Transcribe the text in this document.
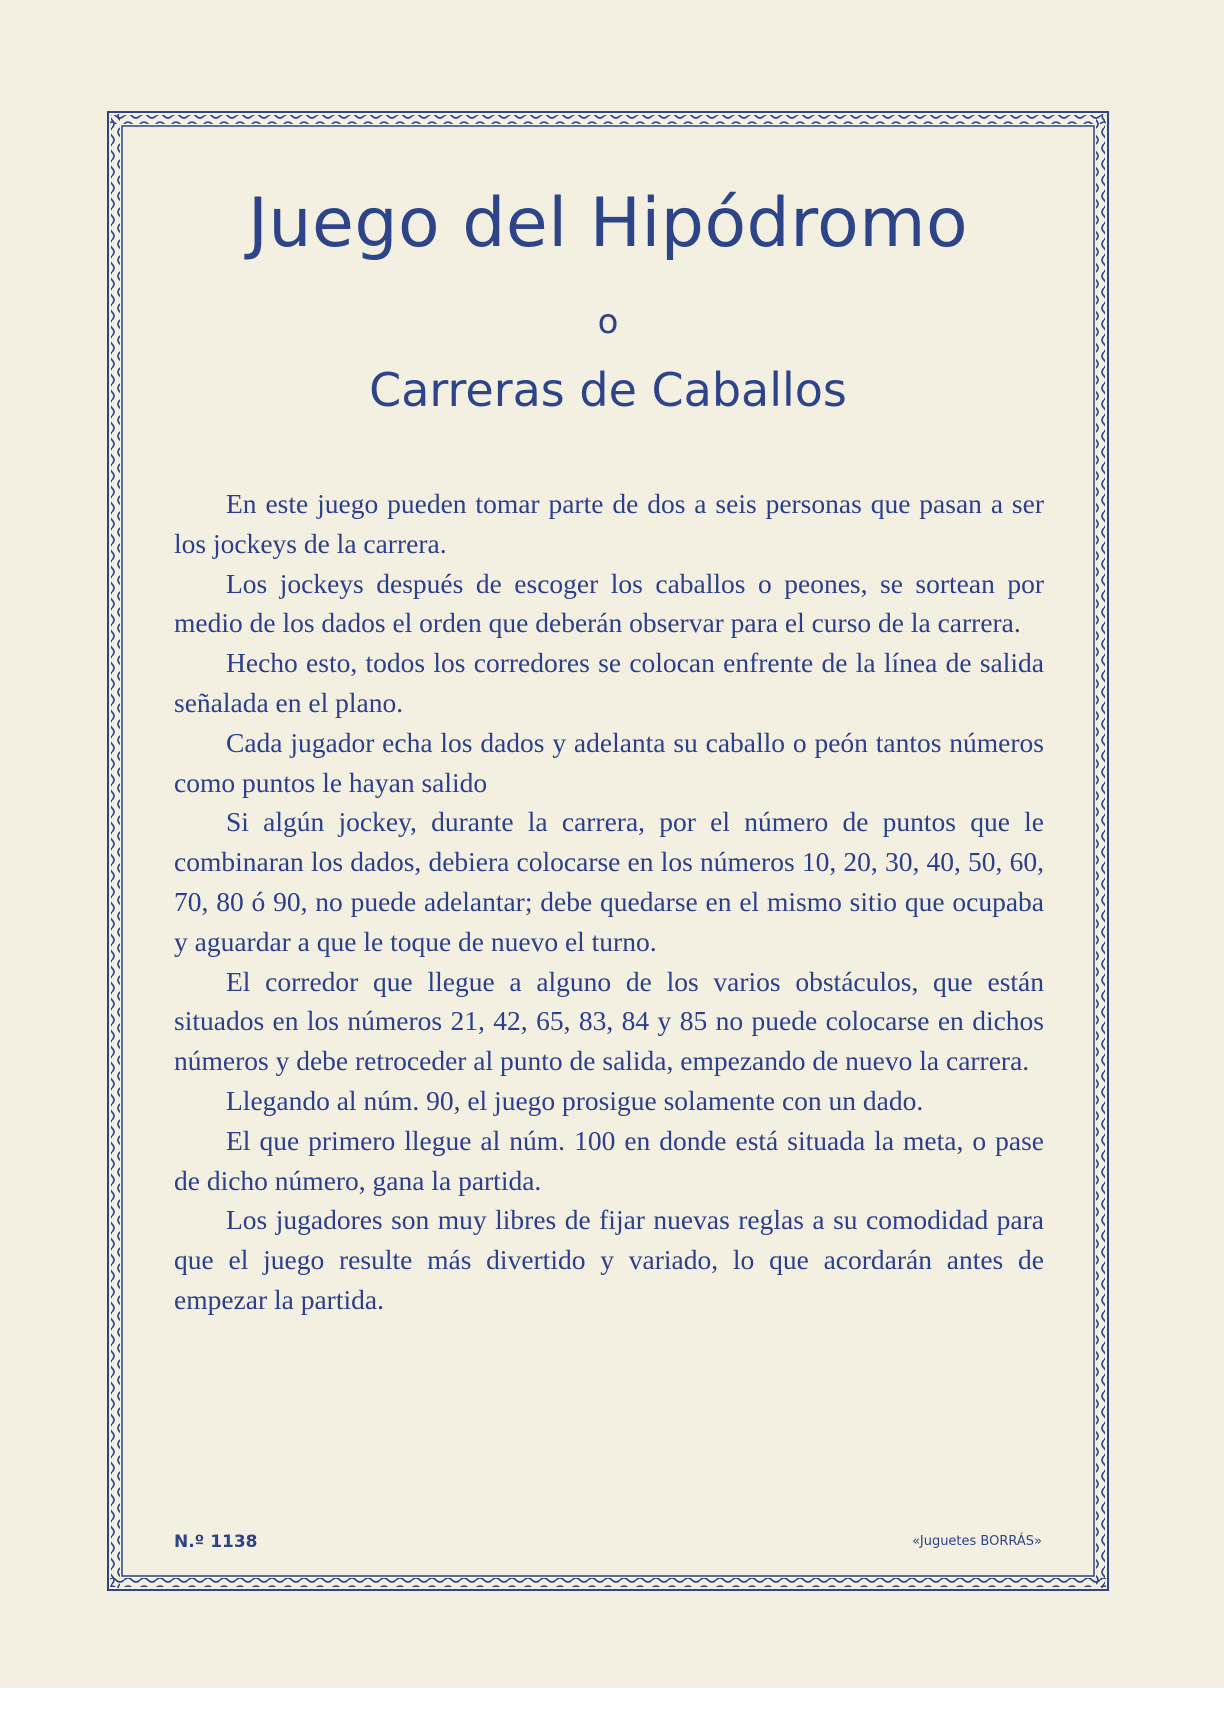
Juego del Hipódromo
o
Carreras de Caballos

En este juego pueden tomar parte de dos a seis personas que pasan a ser los jockeys de la carrera.

Los jockeys después de escoger los caballos o peones, se sortean por medio de los dados el orden que deberán observar para el curso de la carrera.

Hecho esto, todos los corredores se colocan enfrente de la línea de salida señalada en el plano.

Cada jugador echa los dados y adelanta su caballo o peón tantos números como puntos le hayan salido

Si algún jockey, durante la carrera, por el número de puntos que le combinaran los dados, debiera colocarse en los números 10, 20, 30, 40, 50, 60, 70, 80 ó 90, no puede adelantar; debe quedarse en el mismo sitio que ocupaba y aguardar a que le toque de nuevo el turno.

El corredor que llegue a alguno de los varios obstáculos, que están situados en los números 21, 42, 65, 83, 84 y 85 no puede colocarse en dichos números y debe retroceder al punto de salida, empezando de nuevo la carrera.

Llegando al núm. 90, el juego prosigue solamente con un dado.

El que primero llegue al núm. 100 en donde está situada la meta, o pase de dicho número, gana la partida.

Los jugadores son muy libres de fijar nuevas reglas a su comodidad para que el juego resulte más divertido y variado, lo que acordarán antes de empezar la partida.

N.º 1138	«Juguetes BORRÁS»
